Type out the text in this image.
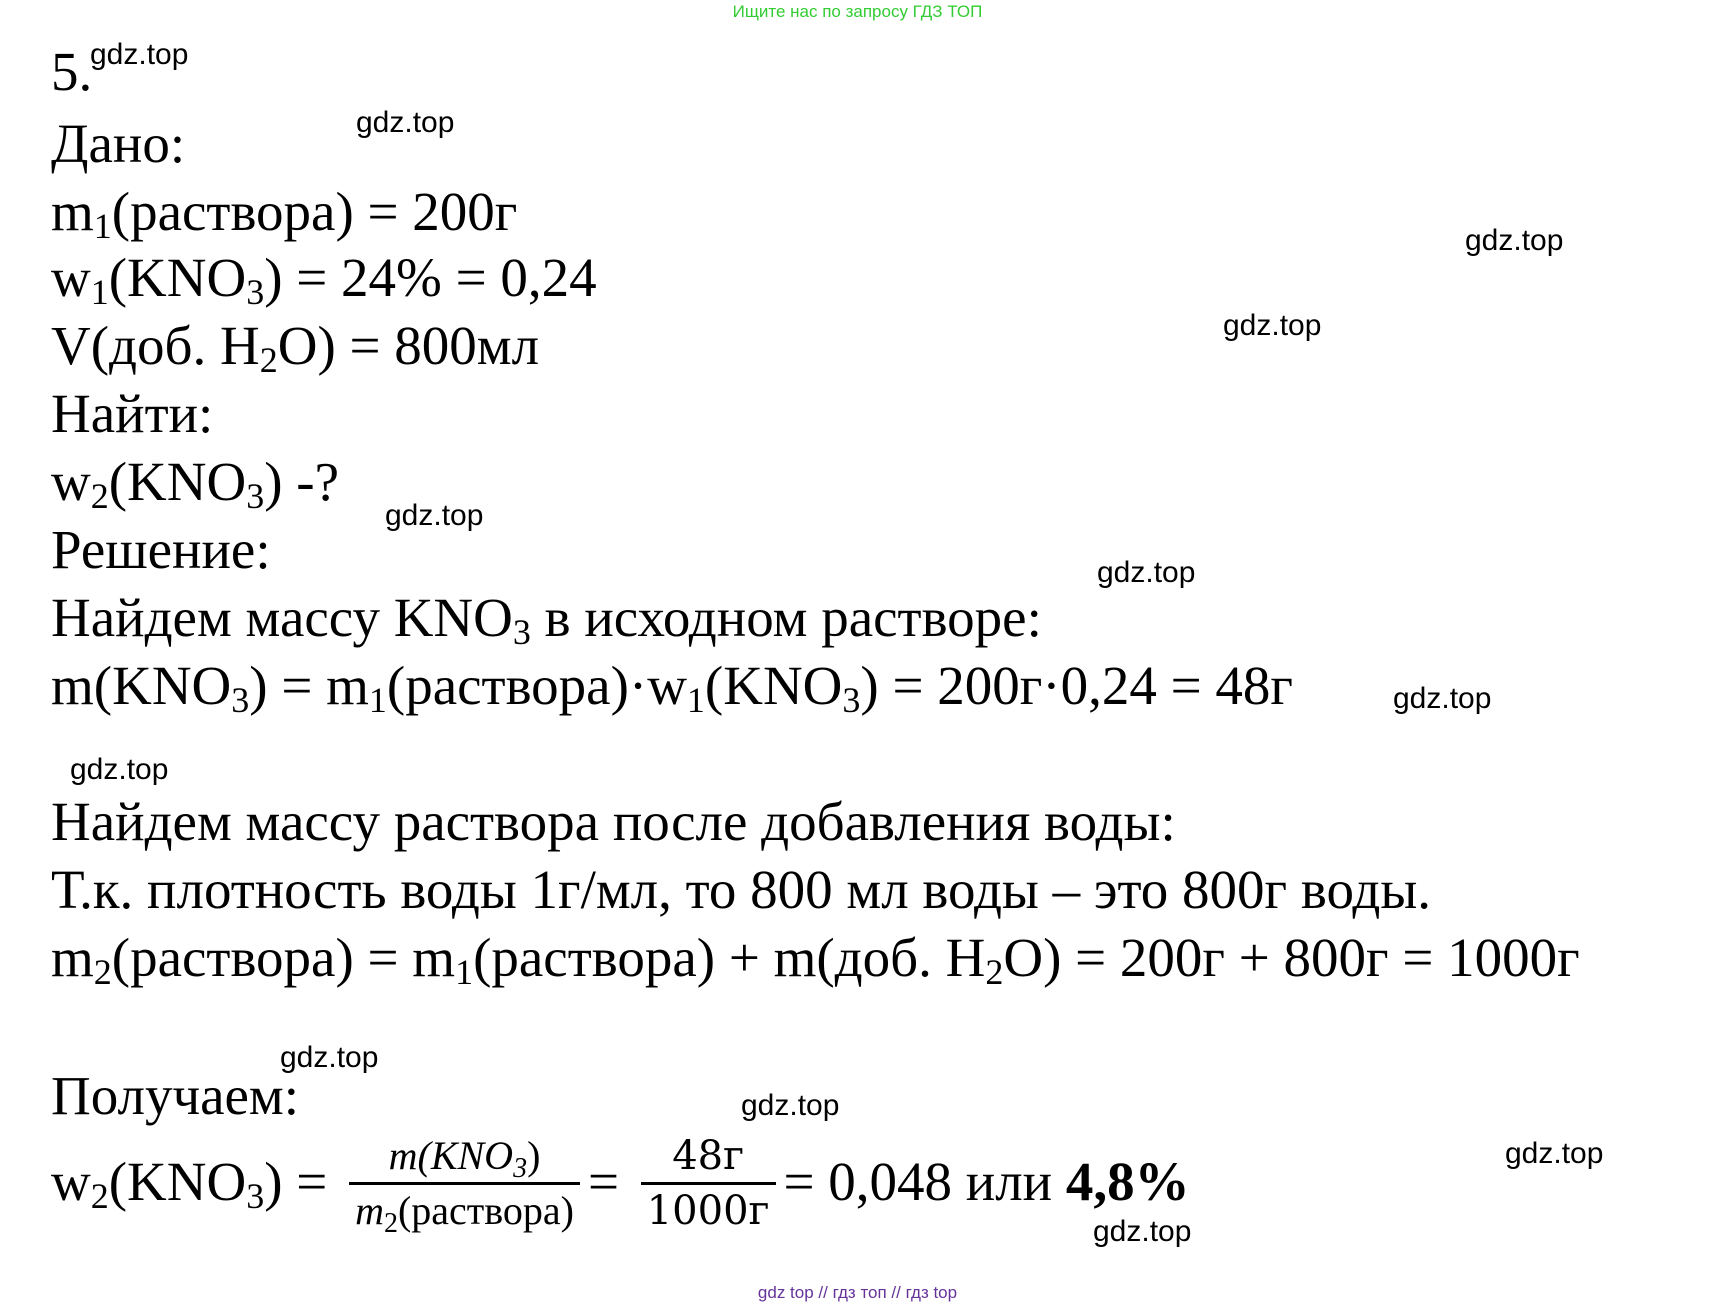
Ищите нас по запросу ГДЗ ТОП
5.
Дано:
$m_1(раствора) = 200г$
$w_1(KNO_3) = 24\% = 0,24$
V(доб. $H_2O) = 800мл$
Найти:
$w_2(KNO_3)$ -?
Решение:
Найдем массу $KNO_3$ в исходном растворе:
$m(KNO_3)$ = $m_1(раствора)\cdot w_1(KNO_3) = 200г\cdot 0,24 = 48г$
Найдем массу раствора после добавления воды:
Т.к. плотность воды 1г/мл, то 800 мл воды – это 800г воды.
$m_2(раствора)$ = $m_1(раствора) + m(доб$. $H_2O) = 200г + 800г = 1000г$
Получаем:
$w_2(KNO_3) = \frac{m(KNO_3)}{m_2(раствора)} = \frac{48г}{1000г} = 0,048$ или 4,8%
gdz.top
gdz.top
gdz.top
gdz.top
gdz.top
gdz.top
gdz.top
gdz.top
gdz.top
gdz.top
gdz.top
gdz.top
gdz top // гдз топ // гдз top
